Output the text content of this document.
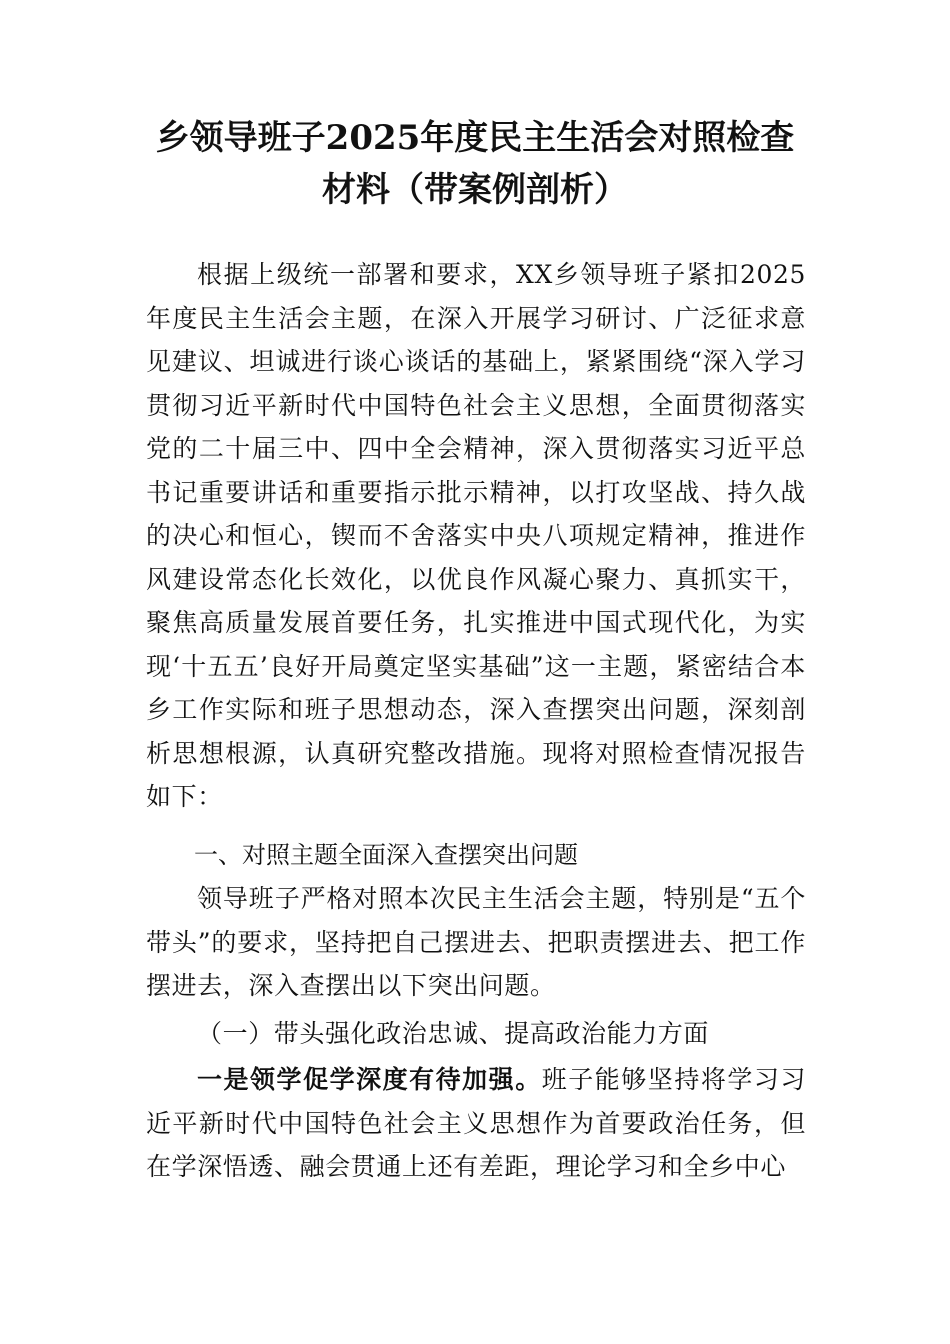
乡领导班子2025年度民主生活会对照检查
材料（带案例剖析）

根据上级统一部署和要求，XX乡领导班子紧扣2025年度民主生活会主题，在深入开展学习研讨、广泛征求意见建议、坦诚进行谈心谈话的基础上，紧紧围绕“深入学习贯彻习近平新时代中国特色社会主义思想，全面贯彻落实党的二十届三中、四中全会精神，深入贯彻落实习近平总书记重要讲话和重要指示批示精神，以打攻坚战、持久战的决心和恒心，锲而不舍落实中央八项规定精神，推进作风建设常态化长效化，以优良作风凝心聚力、真抓实干，聚焦高质量发展首要任务，扎实推进中国式现代化，为实现‘十五五’良好开局奠定坚实基础”这一主题，紧密结合本乡工作实际和班子思想动态，深入查摆突出问题，深刻剖析思想根源，认真研究整改措施。现将对照检查情况报告如下：

一、对照主题全面深入查摆突出问题

领导班子严格对照本次民主生活会主题，特别是“五个带头”的要求，坚持把自己摆进去、把职责摆进去、把工作摆进去，深入查摆出以下突出问题。

（一）带头强化政治忠诚、提高政治能力方面

一是领学促学深度有待加强。班子能够坚持将学习习近平新时代中国特色社会主义思想作为首要政治任务，但在学深悟透、融会贯通上还有差距，理论学习和全乡中心
